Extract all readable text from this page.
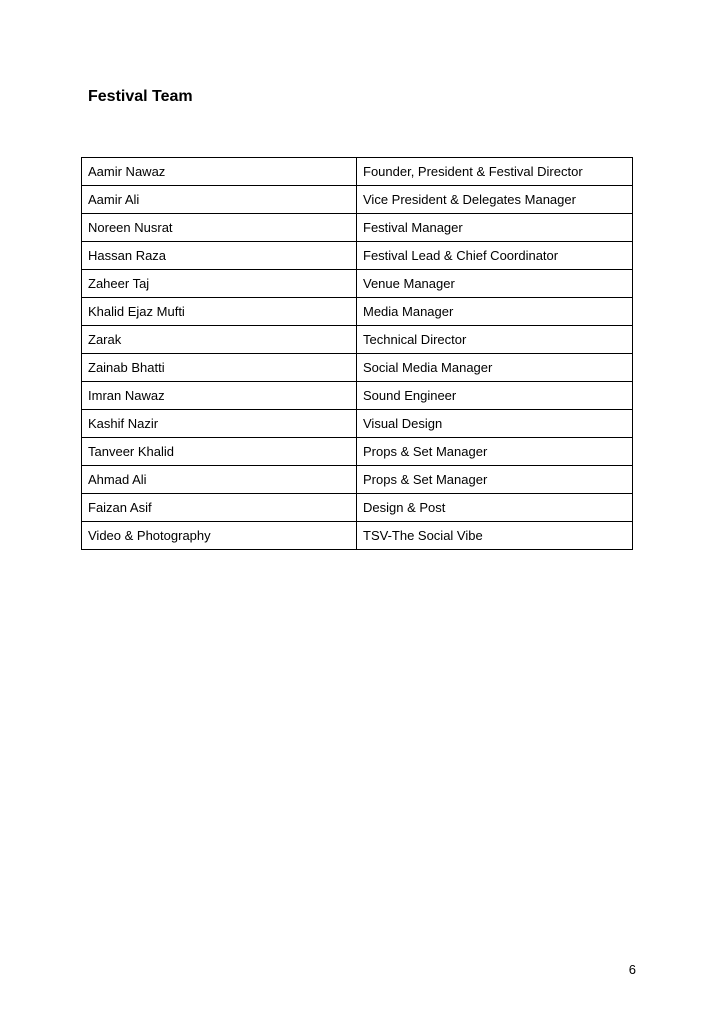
Festival Team
Aamir Nawaz	Founder, President & Festival Director
Aamir Ali	Vice President & Delegates Manager
Noreen Nusrat	Festival Manager
Hassan Raza	Festival Lead & Chief Coordinator
Zaheer Taj	Venue Manager
Khalid Ejaz Mufti	Media Manager
Zarak	Technical Director
Zainab Bhatti	Social Media Manager
Imran Nawaz	Sound Engineer
Kashif Nazir	Visual Design
Tanveer Khalid	Props & Set Manager
Ahmad Ali	Props & Set Manager
Faizan Asif	Design & Post
Video & Photography	TSV-The Social Vibe
6
